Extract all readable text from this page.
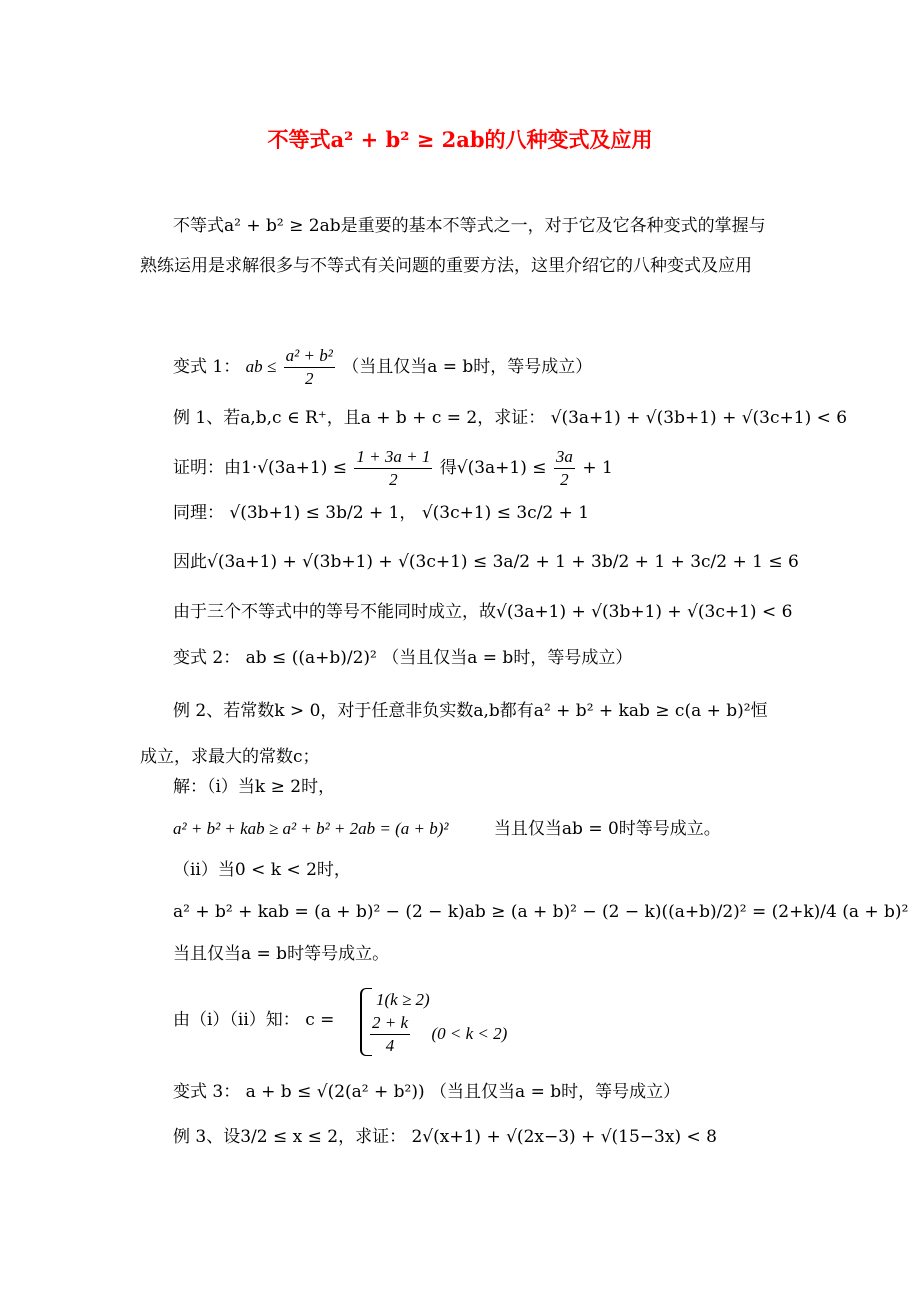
不等式a² + b² ≥ 2ab的八种变式及应用
不等式a² + b² ≥ 2ab是重要的基本不等式之一，对于它及它各种变式的掌握与熟练运用是求解很多与不等式有关问题的重要方法，这里介绍它的八种变式及应用
变式 1： ab ≤ $\frac{\text{a² + b²}}{2}$ （当且仅当a = b时，等号成立）
例 1、若a,b,c ∈ R⁺，且a + b + c = 2，求证： √(3a+1) + √(3b+1) + √(3c+1) < 6
证明：由$1\cdot√(3a+1) \le \frac{1 + 3a + 1}{2}$ 得$√(3a+1) \le \frac{3a}{2} + 1$
同理： √(3b+1) ≤ 3b/2 + 1， √(3c+1) ≤ 3c/2 + 1
因此√(3a+1) + √(3b+1) + √(3c+1) ≤ 3a/2 + 1 + 3b/2 + 1 + 3c/2 + 1 ≤ 6
由于三个不等式中的等号不能同时成立，故√(3a+1) + √(3b+1) + √(3c+1) < 6
变式 2： ab ≤ ((a+b)/2)² （当且仅当a = b时，等号成立）
例 2、若常数k > 0，对于任意非负实数a,b都有a² + b² + kab ≥ c(a + b)²恒成立，求最大的常数c；
解：（i）当k ≥ 2时，
a² + b² + kab ≥ a² + b² + 2ab = (a + b)²	当且仅当ab = 0时等号成立。
（ii）当0 < k < 2时，
a² + b² + kab = (a + b)² − (2 − k)ab ≥ (a + b)² − (2 − k)((a+b)/2)² = (2+k)/4 (a + b)²
当且仅当a = b时等号成立。
由（i）（ii）知： c =
1(k ≥ 2)
$\frac{2 + k}{4} (0 < k < 2)$
变式 3： a + b ≤ √(2(a² + b²)) （当且仅当a = b时，等号成立）
例 3、设3/2 ≤ x ≤ 2，求证： 2√(x+1) + √(2x−3) + √(15−3x) < 8
